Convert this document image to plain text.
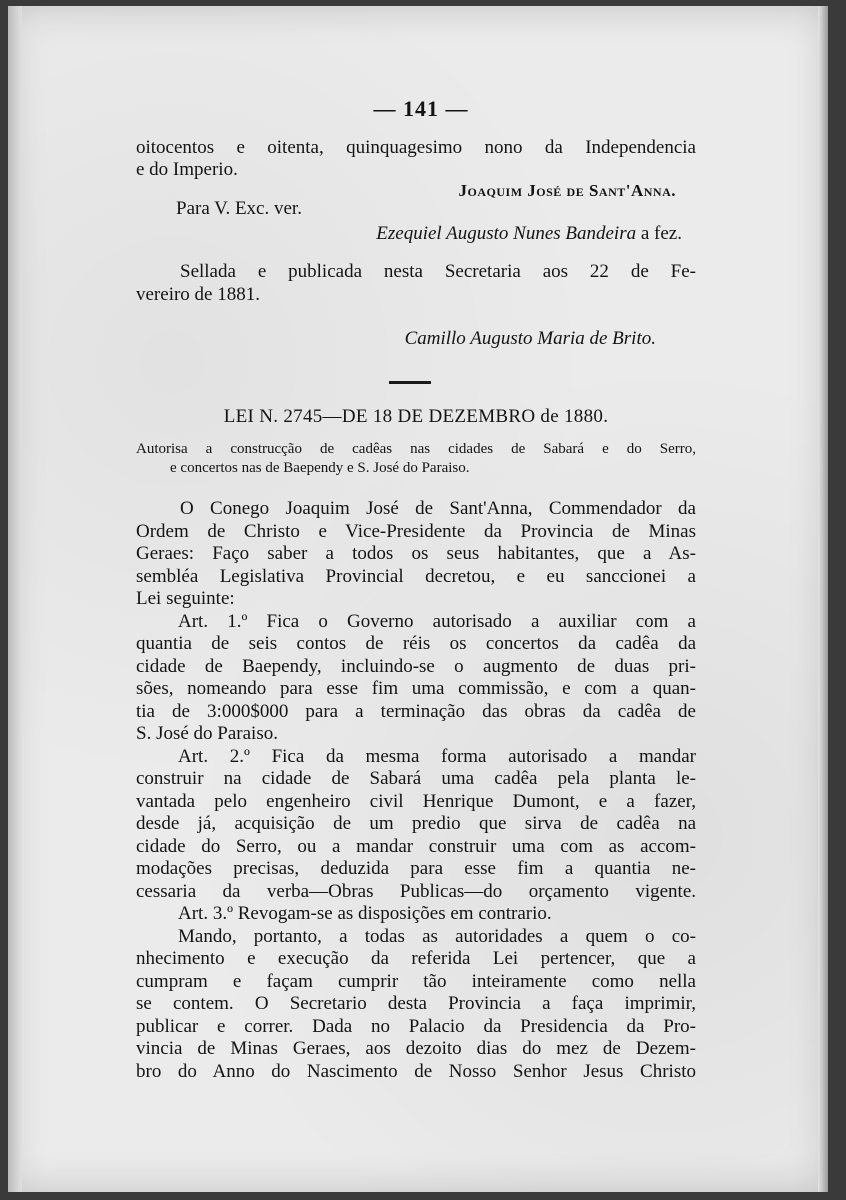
— 141 —

oitocentos e oitenta, quinquagesimo nono da Independencia

e do Imperio.

Joaquim José de Sant'Anna.

Para V. Exc. ver.

Ezequiel Augusto Nunes Bandeira a fez.

Sellada e publicada nesta Secretaria aos 22 de Fe-

vereiro de 1881.

Camillo Augusto Maria de Brito.

LEI N. 2745—DE 18 DE DEZEMBRO de 1880.

Autorisa a construcção de cadêas nas cidades de Sabará e do Serro,

e concertos nas de Baependy e S. José do Paraiso.

O Conego Joaquim José de Sant'Anna, Commendador da

Ordem de Christo e Vice-Presidente da Provincia de Minas

Geraes: Faço saber a todos os seus habitantes, que a As-

sembléa Legislativa Provincial decretou, e eu sanccionei a

Lei seguinte:

Art. 1.º Fica o Governo autorisado a auxiliar com a

quantia de seis contos de réis os concertos da cadêa da

cidade de Baependy, incluindo-se o augmento de duas pri-

sões, nomeando para esse fim uma commissão, e com a quan-

tia de 3:000$000 para a terminação das obras da cadêa de

S. José do Paraiso.

Art. 2.º Fica da mesma forma autorisado a mandar

construir na cidade de Sabará uma cadêa pela planta le-

vantada pelo engenheiro civil Henrique Dumont, e a fazer,

desde já, acquisição de um predio que sirva de cadêa na

cidade do Serro, ou a mandar construir uma com as accom-

modações precisas, deduzida para esse fim a quantia ne-

cessaria da verba—Obras Publicas—do orçamento vigente.

Art. 3.º Revogam-se as disposições em contrario.

Mando, portanto, a todas as autoridades a quem o co-

nhecimento e execução da referida Lei pertencer, que a

cumpram e façam cumprir tão inteiramente como nella

se contem. O Secretario desta Provincia a faça imprimir,

publicar e correr. Dada no Palacio da Presidencia da Pro-

vincia de Minas Geraes, aos dezoito dias do mez de Dezem-

bro do Anno do Nascimento de Nosso Senhor Jesus Christo
